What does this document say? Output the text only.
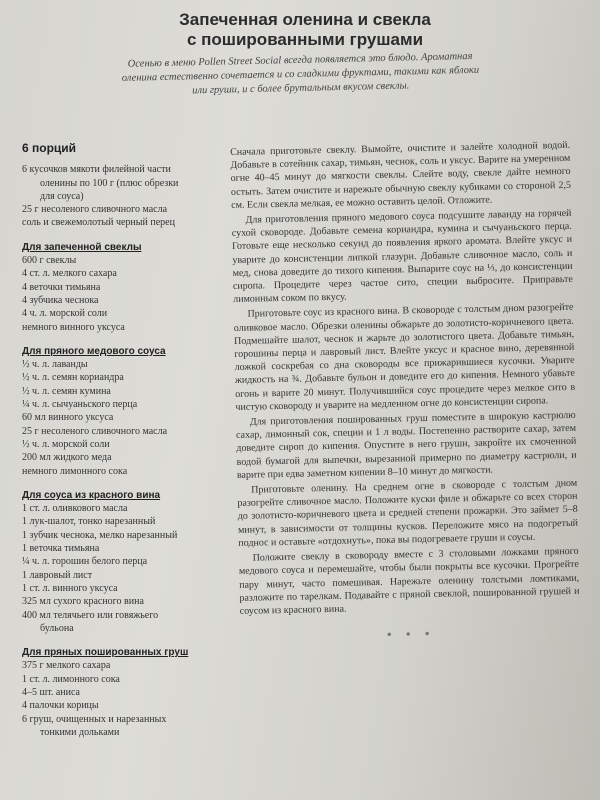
Запеченная оленина и свекла
с пошированными грушами
Осенью в меню Pollen Street Social всегда появляется это блюдо. Ароматная оленина естественно сочетается и со сладкими фруктами, такими как яблоки или груши, и с более брутальным вкусом свеклы.
6 порций
6 кусочков мякоти филейной части
оленины по 100 г (плюс обрезки
для соуса)
25 г несоленого сливочного масла
соль и свежемолотый черный перец
Для запеченной свеклы
600 г свеклы
4 ст. л. мелкого сахара
4 веточки тимьяна
4 зубчика чеснока
4 ч. л. морской соли
немного винного уксуса
Для пряного медового соуса
½ ч. л. лаванды
½ ч. л. семян кориандра
½ ч. л. семян кумина
¼ ч. л. сычуаньского перца
60 мл винного уксуса
25 г несоленого сливочного масла
½ ч. л. морской соли
200 мл жидкого меда
немного лимонного сока
Для соуса из красного вина
1 ст. л. оливкового масла
1 лук-шалот, тонко нарезанный
1 зубчик чеснока, мелко нарезанный
1 веточка тимьяна
¼ ч. л. горошин белого перца
1 лавровый лист
1 ст. л. винного уксуса
325 мл сухого красного вина
400 мл телячьего или говяжьего
бульона
Для пряных пошированных груш
375 г мелкого сахара
1 ст. л. лимонного сока
4–5 шт. аниса
4 палочки корицы
6 груш, очищенных и нарезанных
тонкими дольками

Сначала приготовьте свеклу. Вымойте, очистите и залейте холодной водой. Добавьте в сотейник сахар, тимьян, чеснок, соль и уксус. Варите на умеренном огне 40–45 минут до мягкости свеклы. Слейте воду, свекле дайте немного остыть. Затем очистите и нарежьте обычную свеклу кубиками со стороной 2,5 см. Если свекла мелкая, ее можно оставить целой. Отложите.

Для приготовления пряного медового соуса подсушите лаванду на горячей сухой сковороде. Добавьте семена кориандра, кумина и сычуаньского перца. Готовьте еще несколько секунд до появления яркого аромата. Влейте уксус и уварите до консистенции липкой глазури. Добавьте сливочное масло, соль и мед, снова доведите до тихого кипения. Выпарите соус на ⅓, до консистенции сиропа. Процедите через частое сито, специи выбросите. Приправьте лимонным соком по вкусу.

Приготовьте соус из красного вина. В сковороде с толстым дном разогрейте оливковое масло. Обрезки оленины обжарьте до золотисто-коричневого цвета. Подмешайте шалот, чеснок и жарьте до золотистого цвета. Добавьте тимьян, горошины перца и лавровый лист. Влейте уксус и красное вино, деревянной ложкой соскребая со дна сковороды все прижарившиеся кусочки. Уварите жидкость на ¾. Добавьте бульон и доведите его до кипения. Немного убавьте огонь и варите 20 минут. Получившийся соус процедите через мелкое сито в чистую сковороду и уварите на медленном огне до консистенции сиропа.

Для приготовления пошированных груш поместите в широкую кастрюлю сахар, лимонный сок, специи и 1 л воды. Постепенно растворите сахар, затем доведите сироп до кипения. Опустите в него груши, закройте их смоченной водой бумагой для выпечки, вырезанной примерно по диаметру кастрюли, и варите при едва заметном кипении 8–10 минут до мягкости.

Приготовьте оленину. На среднем огне в сковороде с толстым дном разогрейте сливочное масло. Положите куски филе и обжарьте со всех сторон до золотисто-коричневого цвета и средней степени прожарки. Это займет 5–8 минут, в зависимости от толщины кусков. Переложите мясо на подогретый поднос и оставьте «отдохнуть», пока вы подогреваете груши и соусы.

Положите свеклу в сковороду вместе с 3 столовыми ложками пряного медового соуса и перемешайте, чтобы были покрыты все кусочки. Прогрейте пару минут, часто помешивая. Нарежьте оленину толстыми ломтиками, разложите по тарелкам. Подавайте с пряной свеклой, пошированной грушей и соусом из красного вина.

• • •
